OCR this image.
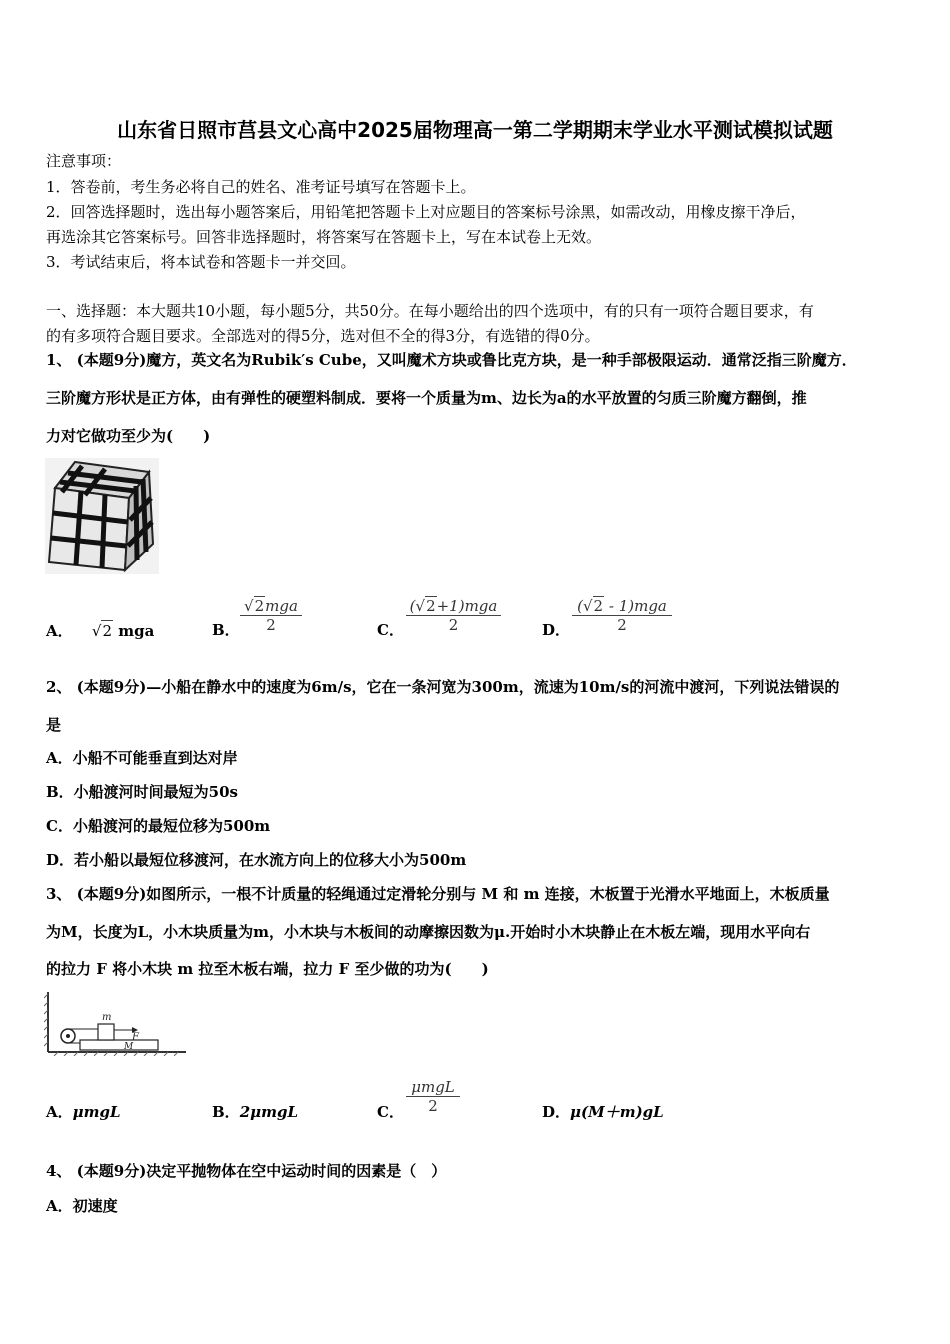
山东省日照市莒县文心高中2025届物理高一第二学期期末学业水平测试模拟试题
注意事项：
1．答卷前，考生务必将自己的姓名、准考证号填写在答题卡上。
2．回答选择题时，选出每小题答案后，用铅笔把答题卡上对应题目的答案标号涂黑，如需改动，用橡皮擦干净后，
再选涂其它答案标号。回答非选择题时，将答案写在答题卡上，写在本试卷上无效。
3．考试结束后，将本试卷和答题卡一并交回。
一、选择题：本大题共10小题，每小题5分，共50分。在每小题给出的四个选项中，有的只有一项符合题目要求，有
的有多项符合题目要求。全部选对的得5分，选对但不全的得3分，有选错的得0分。
1、 (本题9分)魔方，英文名为Rubik′s Cube，又叫魔术方块或鲁比克方块，是一种手部极限运动．通常泛指三阶魔方．
三阶魔方形状是正方体，由有弹性的硬塑料制成．要将一个质量为m、边长为a的水平放置的匀质三阶魔方翻倒，推
力对它做功至少为(　　)
A． √2 mga	B．
√2mga
2	C．
(√2+1)mga
2	D．
(√2 - 1)mga
2
2、 (本题9分)—小船在静水中的速度为6m/s，它在一条河宽为300m，流速为10m/s的河流中渡河，下列说法错误的
是
A．小船不可能垂直到达对岸
B．小船渡河时间最短为50s
C．小船渡河的最短位移为500m
D．若小船以最短位移渡河，在水流方向上的位移大小为500m
3、 (本题9分)如图所示，一根不计质量的轻绳通过定滑轮分别与 M 和 m 连接，木板置于光滑水平地面上，木板质量
为M，长度为L，小木块质量为m，小木块与木板间的动摩擦因数为μ.开始时小木块静止在木板左端，现用水平向右
的拉力 F 将小木块 m 拉至木板右端，拉力 F 至少做的功为(　　)
m
F
M
A．μmgL	B．2μmgL	C．
μmgL
2	D．μ(M＋m)gL
4、 (本题9分)决定平抛物体在空中运动时间的因素是（　）
A．初速度
